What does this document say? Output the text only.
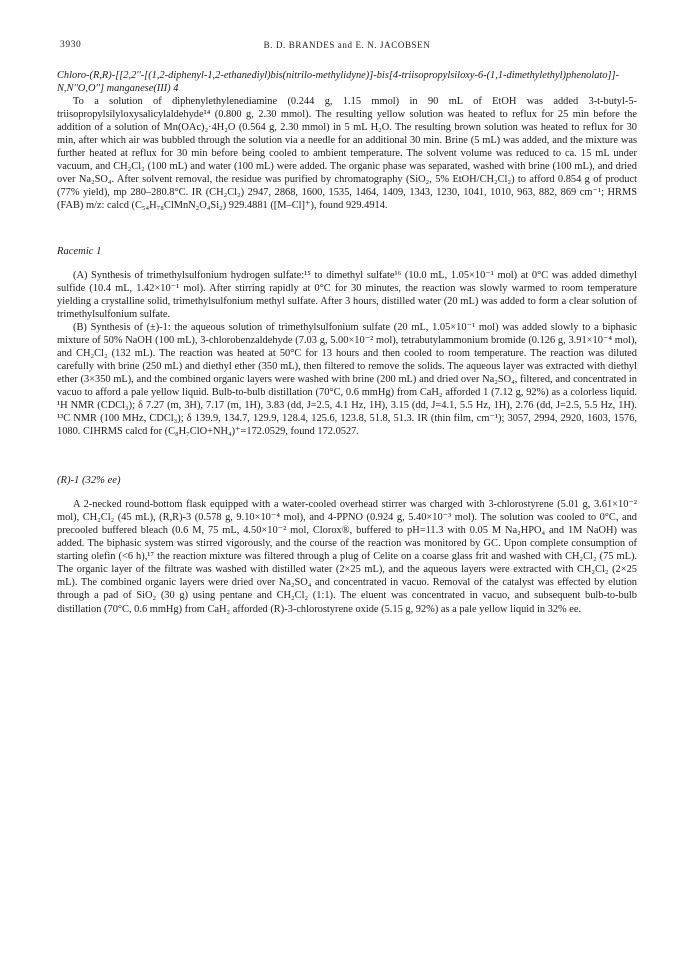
3930	B. D. BRANDES and E. N. JACOBSEN

Chloro-(R,R)-[[2,2''-[(1,2-diphenyl-1,2-ethanediyl)bis(nitrilo-methylidyne)]-bis[4-triisopropylsiloxy-6-(1,1-dimethylethyl)phenolato]]-N,N''O,O''] manganese(III) 4

To a solution of diphenylethylenediamine (0.244 g, 1.15 mmol) in 90 mL of EtOH was added 3-t-butyl-5-triisopropylsilyloxysalicylaldehyde¹⁴ (0.800 g, 2.30 mmol). The resulting yellow solution was heated to reflux for 25 min before the addition of a solution of Mn(OAc)₂·4H₂O (0.564 g, 2.30 mmol) in 5 mL H₂O. The resulting brown solution was heated to reflux for 30 min, after which air was bubbled through the solution via a needle for an additional 30 min. Brine (5 mL) was added, and the mixture was further heated at reflux for 30 min before being cooled to ambient temperature. The solvent volume was reduced to ca. 15 mL under vacuum, and CH₂Cl₂ (100 mL) and water (100 mL) were added. The organic phase was separated, washed with brine (100 mL), and dried over Na₂SO₄. After solvent removal, the residue was purified by chromatography (SiO₂, 5% EtOH/CH₂Cl₂) to afford 0.854 g of product (77% yield), mp 280–280.8°C. IR (CH₂Cl₂) 2947, 2868, 1600, 1535, 1464, 1409, 1343, 1230, 1041, 1010, 963, 882, 869 cm⁻¹; HRMS (FAB) m/z: calcd (C₅₄H₇₈ClMnN₂O₄Si₂) 929.4881 ([M–Cl]⁺), found 929.4914.

Racemic 1

(A) Synthesis of trimethylsulfonium hydrogen sulfate:¹⁵ to dimethyl sulfate¹⁶ (10.0 mL, 1.05×10⁻¹ mol) at 0°C was added dimethyl sulfide (10.4 mL, 1.42×10⁻¹ mol). After stirring rapidly at 0°C for 30 minutes, the reaction was slowly warmed to room temperature yielding a crystalline solid, trimethylsulfonium methyl sulfate. After 3 hours, distilled water (20 mL) was added to form a clear solution of trimethylsulfonium sulfate.

(B) Synthesis of (±)-1: the aqueous solution of trimethylsulfonium sulfate (20 mL, 1.05×10⁻¹ mol) was added slowly to a biphasic mixture of 50% NaOH (100 mL), 3-chlorobenzaldehyde (7.03 g, 5.00×10⁻² mol), tetrabutylammonium bromide (0.126 g, 3.91×10⁻⁴ mol), and CH₂Cl₂ (132 mL). The reaction was heated at 50°C for 13 hours and then cooled to room temperature. The reaction was diluted carefully with brine (250 mL) and diethyl ether (350 mL), then filtered to remove the solids. The aqueous layer was extracted with diethyl ether (3×350 mL), and the combined organic layers were washed with brine (200 mL) and dried over Na₂SO₄, filtered, and concentrated in vacuo to afford a pale yellow liquid. Bulb-to-bulb distillation (70°C, 0.6 mmHg) from CaH₂ afforded 1 (7.12 g, 92%) as a colorless liquid. ¹H NMR (CDCl₃); δ 7.27 (m, 3H), 7.17 (m, 1H), 3.83 (dd, J=2.5, 4.1 Hz, 1H), 3.15 (dd, J=4.1, 5.5 Hz, 1H), 2.76 (dd, J=2.5, 5.5 Hz, 1H). ¹³C NMR (100 MHz, CDCl₃); δ 139.9, 134.7, 129.9, 128.4, 125.6, 123.8, 51.8, 51.3. IR (thin film, cm⁻¹); 3057, 2994, 2920, 1603, 1576, 1080. CIHRMS calcd for (C₈H₇ClO+NH₄)⁺=172.0529, found 172.0527.

(R)-1 (32% ee)

A 2-necked round-bottom flask equipped with a water-cooled overhead stirrer was charged with 3-chlorostyrene (5.01 g, 3.61×10⁻² mol), CH₂Cl₂ (45 mL), (R,R)-3 (0.578 g, 9.10×10⁻⁴ mol), and 4-PPNO (0.924 g, 5.40×10⁻³ mol). The solution was cooled to 0°C, and precooled buffered bleach (0.6 M, 75 mL, 4.50×10⁻² mol, Clorox®, buffered to pH=11.3 with 0.05 M Na₂HPO₄ and 1M NaOH) was added. The biphasic system was stirred vigorously, and the course of the reaction was monitored by GC. Upon complete consumption of starting olefin (<6 h),¹⁷ the reaction mixture was filtered through a plug of Celite on a coarse glass frit and washed with CH₂Cl₂ (75 mL). The organic layer of the filtrate was washed with distilled water (2×25 mL), and the aqueous layers were extracted with CH₂Cl₂ (2×25 mL). The combined organic layers were dried over Na₂SO₄ and concentrated in vacuo. Removal of the catalyst was effected by elution through a pad of SiO₂ (30 g) using pentane and CH₂Cl₂ (1:1). The eluent was concentrated in vacuo, and subsequent bulb-to-bulb distillation (70°C, 0.6 mmHg) from CaH₂ afforded (R)-3-chlorostyrene oxide (5.15 g, 92%) as a pale yellow liquid in 32% ee.
